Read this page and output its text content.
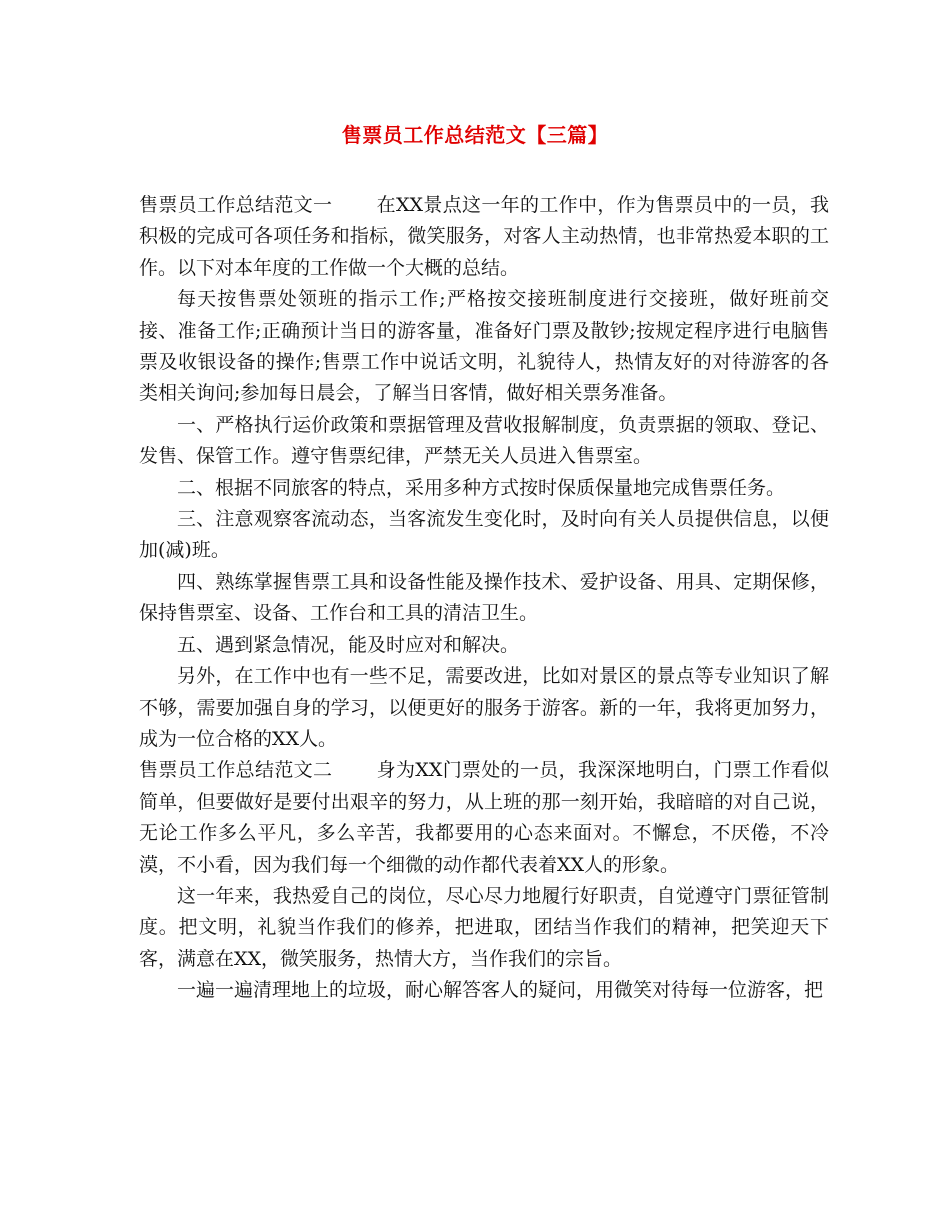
售票员工作总结范文【三篇】

售票员工作总结范文一 在XX景点这一年的工作中，作为售票员中的一员，我积极的完成可各项任务和指标，微笑服务，对客人主动热情，也非常热爱本职的工作。以下对本年度的工作做一个大概的总结。

每天按售票处领班的指示工作;严格按交接班制度进行交接班，做好班前交接、准备工作;正确预计当日的游客量，准备好门票及散钞;按规定程序进行电脑售票及收银设备的操作;售票工作中说话文明，礼貌待人，热情友好的对待游客的各类相关询问;参加每日晨会，了解当日客情，做好相关票务准备。

一、严格执行运价政策和票据管理及营收报解制度，负责票据的领取、登记、发售、保管工作。遵守售票纪律，严禁无关人员进入售票室。

二、根据不同旅客的特点，采用多种方式按时保质保量地完成售票任务。

三、注意观察客流动态，当客流发生变化时，及时向有关人员提供信息，以便加(减)班。

四、熟练掌握售票工具和设备性能及操作技术、爱护设备、用具、定期保修，保持售票室、设备、工作台和工具的清洁卫生。

五、遇到紧急情况，能及时应对和解决。

另外，在工作中也有一些不足，需要改进，比如对景区的景点等专业知识了解不够，需要加强自身的学习，以便更好的服务于游客。新的一年，我将更加努力，成为一位合格的XX人。

售票员工作总结范文二 身为XX门票处的一员，我深深地明白，门票工作看似简单，但要做好是要付出艰辛的努力，从上班的那一刻开始，我暗暗的对自己说，无论工作多么平凡，多么辛苦，我都要用的心态来面对。不懈怠，不厌倦，不冷漠，不小看，因为我们每一个细微的动作都代表着XX人的形象。

这一年来，我热爱自己的岗位，尽心尽力地履行好职责，自觉遵守门票征管制度。把文明，礼貌当作我们的修养，把进取，团结当作我们的精神，把笑迎天下客，满意在XX，微笑服务，热情大方，当作我们的宗旨。

一遍一遍清理地上的垃圾，耐心解答客人的疑问，用微笑对待每一位游客，把
